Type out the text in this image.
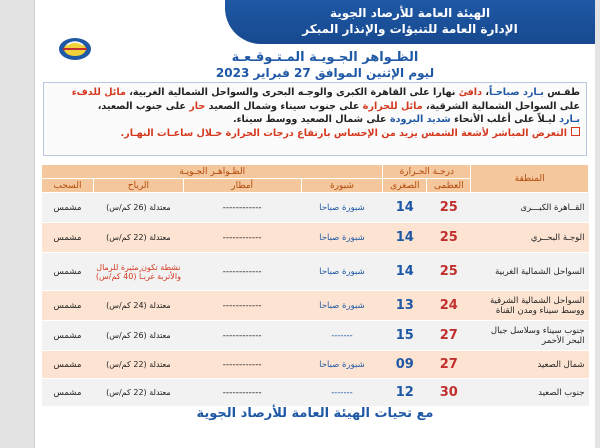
الهيئة العامة للأرصاد الجوية
الإدارة العامة للتنبؤات والإنذار المبكر
الظـواهر الجـويـة المـتـوقـعـة
ليوم الإثنين الموافق 27 فبراير 2023
طقـس بـارد صباحـاً، دافئ نهارا على القاهرة الكبرى والوجـه البحرى والسواحل الشمالية الغربية، مائل للدفء
على السواحل الشمالية الشرقية، مائل للحرارة على جنوب سيناء وشمال الصعيد حار على جنوب الصعيد،
بـارد ليـلاً على أغلب الأنحاء شديد البرودة على شمال الصعيد ووسط سيناء.
التعرض المباشر لأشعة الشمس يزيد من الإحساس بارتفاع درجات الحرارة خـلال ساعـات النهـار.
المنطقة	درجـة الحـرارة		الظـواهـر الجـويـة			
	العظمى	الصغرى	شبورة	أمطار	الرياح	السحب
القــاهرة الكبـــرى	25	14	شبورة صباحا	------------	معتدلة (26 كم/س)	مشمس
الوجـة البحــري	25	14	شبورة صباحا	------------	معتدلة (22 كم/س)	مشمس
السواحل الشمالية الغربية	25	14	شبورة صباحا	------------	نشطة تكون مثيرة للرمال والأتربة غربـاً (40 كم/س)	مشمس
السواحل الشمالية الشرقية ووسط سيناء ومدن القناة	24	13	شبورة صباحا	------------	معتدلة (24 كم/س)	مشمس
جنوب سيناء وسلاسل جبال البحر الأحمر	27	15	-------	------------	معتدلة (26 كم/س)	مشمس
شمال الصعيد	27	09	شبورة صباحا	------------	معتدلة (22 كم/س)	مشمس
جنوب الصعيد	30	12	-------	------------	معتدلة (22 كم/س)	مشمس
مع تحيات الهيئة العامة للأرصاد الجوية
